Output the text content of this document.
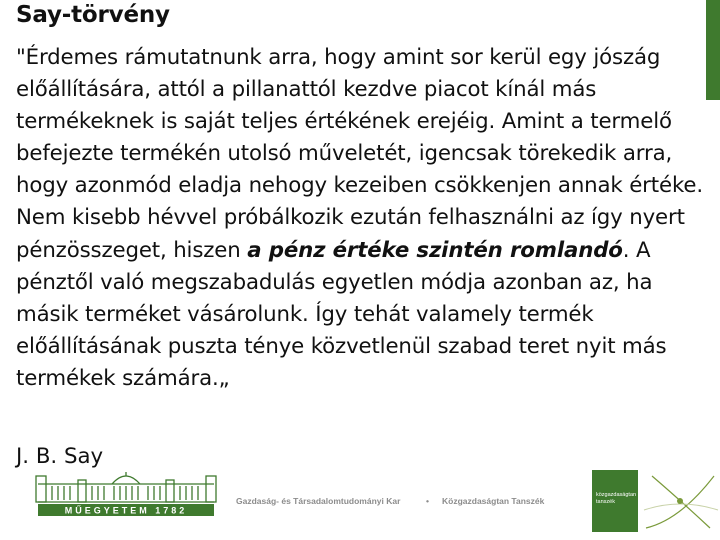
Say-törvény
"Érdemes rámutatnunk arra, hogy amint sor kerül egy jószág előállítására, attól a pillanattól kezdve piacot kínál más termékeknek is saját teljes értékének erejéig. Amint a termelő befejezte termékén utolsó műveletét, igencsak törekedik arra, hogy azonmód eladja nehogy kezeiben csökkenjen annak értéke. Nem kisebb hévvel próbálkozik ezután felhasználni az így nyert pénzösszeget, hiszen a pénz értéke szintén romlandó. A pénztől való megszabadulás egyetlen módja azonban az, ha másik terméket vásárolunk. Így tehát valamely termék előállításának puszta ténye közvetlenül szabad teret nyit más termékek számára.„
J. B. Say
MŰEGYETEM 1782
Gazdaság- és Társadalomtudományi Kar	• Közgazdaságtan Tanszék
közgazdaságtan tanszék
